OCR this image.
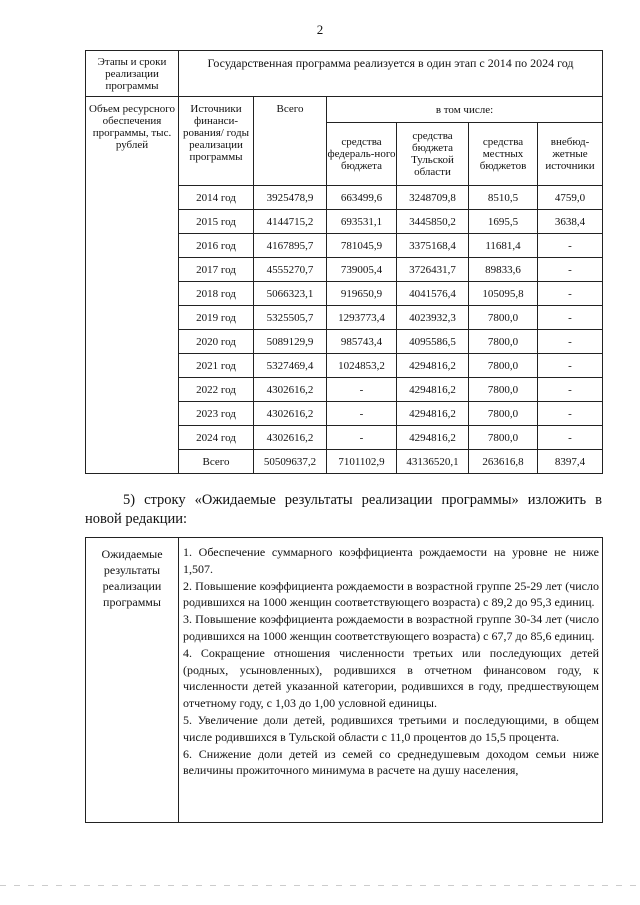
2
Этапы и сроки реализации программы	Государственная программа реализуется в один этап с 2014 по 2024 год					
Объем ресурсного обеспечения программы, тыс. рублей	Источники финанси-рования/ годы реализации программы	Всего	в том числе:			
			средства федераль-ного бюджета	средства бюджета Тульской области	средства местных бюджетов	внебюд-жетные источники
	2014 год	3925478,9	663499,6	3248709,8	8510,5	4759,0
	2015 год	4144715,2	693531,1	3445850,2	1695,5	3638,4
	2016 год	4167895,7	781045,9	3375168,4	11681,4	-
	2017 год	4555270,7	739005,4	3726431,7	89833,6	-
	2018 год	5066323,1	919650,9	4041576,4	105095,8	-
	2019 год	5325505,7	1293773,4	4023932,3	7800,0	-
	2020 год	5089129,9	985743,4	4095586,5	7800,0	-
	2021 год	5327469,4	1024853,2	4294816,2	7800,0	-
	2022 год	4302616,2	-	4294816,2	7800,0	-
	2023 год	4302616,2	-	4294816,2	7800,0	-
	2024 год	4302616,2	-	4294816,2	7800,0	-
	Всего	50509637,2	7101102,9	43136520,1	263616,8	8397,4
5) строку «Ожидаемые результаты реализации программы» изложить в новой редакции:
Ожидаемые результаты реализации программы	
1. Обеспечение суммарного коэффициента рождаемости на уровне не ниже 1,507.
2. Повышение коэффициента рождаемости в возрастной группе 25-29 лет (число родившихся на 1000 женщин соответствующего возраста) с 89,2 до 95,3 единиц.
3. Повышение коэффициента рождаемости в возрастной группе 30-34 лет (число родившихся на 1000 женщин соответствующего возраста) с 67,7 до 85,6 единиц.
4. Сокращение отношения численности третьих или последующих детей (родных, усыновленных), родившихся в отчетном финансовом году, к численности детей указанной категории, родившихся в году, предшествующем отчетному году, с 1,03 до 1,00 условной единицы.
5. Увеличение доли детей, родившихся третьими и последующими, в общем числе родившихся в Тульской области с 11,0 процентов до 15,5 процента.
6. Снижение доли детей из семей со среднедушевым доходом семьи ниже величины прожиточного минимума в расчете на душу населения,
